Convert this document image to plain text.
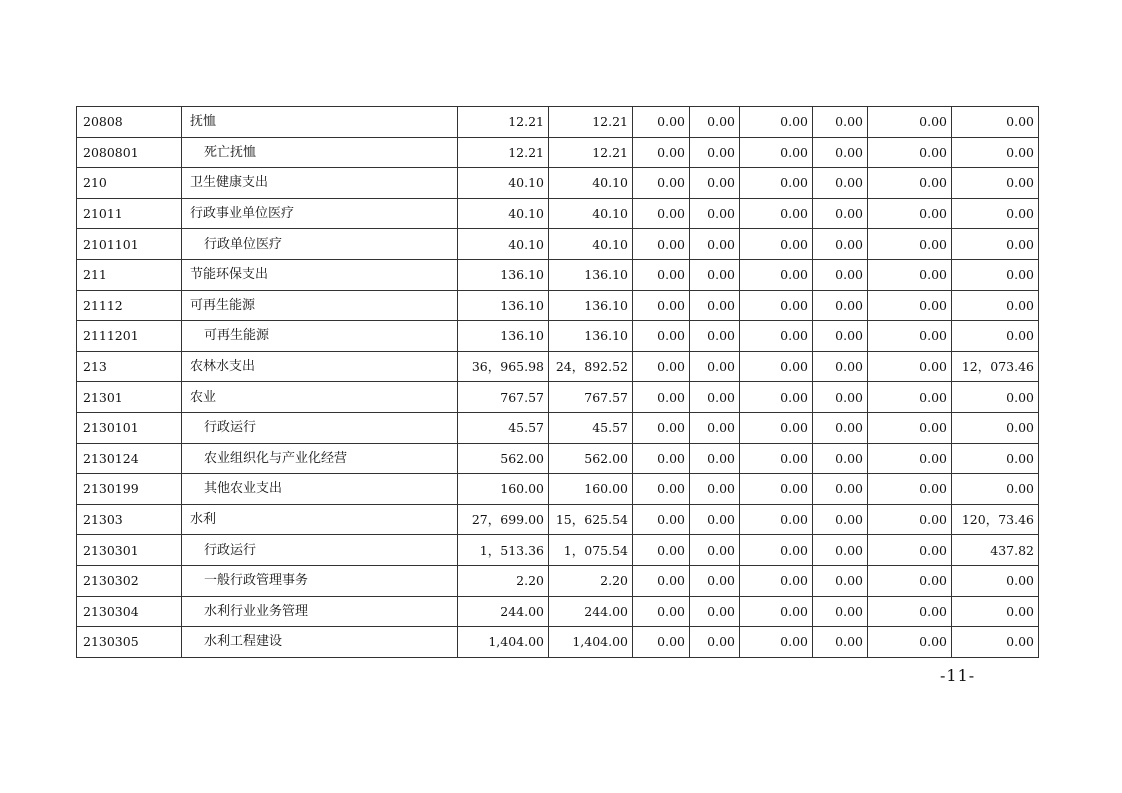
20808	抚恤	12.21	12.21	0.00	0.00	0.00	0.00	0.00	0.00
2080801	死亡抚恤	12.21	12.21	0.00	0.00	0.00	0.00	0.00	0.00
210	卫生健康支出	40.10	40.10	0.00	0.00	0.00	0.00	0.00	0.00
21011	行政事业单位医疗	40.10	40.10	0.00	0.00	0.00	0.00	0.00	0.00
2101101	行政单位医疗	40.10	40.10	0.00	0.00	0.00	0.00	0.00	0.00
211	节能环保支出	136.10	136.10	0.00	0.00	0.00	0.00	0.00	0.00
21112	可再生能源	136.10	136.10	0.00	0.00	0.00	0.00	0.00	0.00
2111201	可再生能源	136.10	136.10	0.00	0.00	0.00	0.00	0.00	0.00
213	农林水支出	36，965.98	24，892.52	0.00	0.00	0.00	0.00	0.00	12，073.46
21301	农业	767.57	767.57	0.00	0.00	0.00	0.00	0.00	0.00
2130101	行政运行	45.57	45.57	0.00	0.00	0.00	0.00	0.00	0.00
2130124	农业组织化与产业化经营	562.00	562.00	0.00	0.00	0.00	0.00	0.00	0.00
2130199	其他农业支出	160.00	160.00	0.00	0.00	0.00	0.00	0.00	0.00
21303	水利	27，699.00	15，625.54	0.00	0.00	0.00	0.00	0.00	120，73.46
2130301	行政运行	1，513.36	1，075.54	0.00	0.00	0.00	0.00	0.00	437.82
2130302	一般行政管理事务	2.20	2.20	0.00	0.00	0.00	0.00	0.00	0.00
2130304	水利行业业务管理	244.00	244.00	0.00	0.00	0.00	0.00	0.00	0.00
2130305	水利工程建设	1,404.00	1,404.00	0.00	0.00	0.00	0.00	0.00	0.00
-11-
